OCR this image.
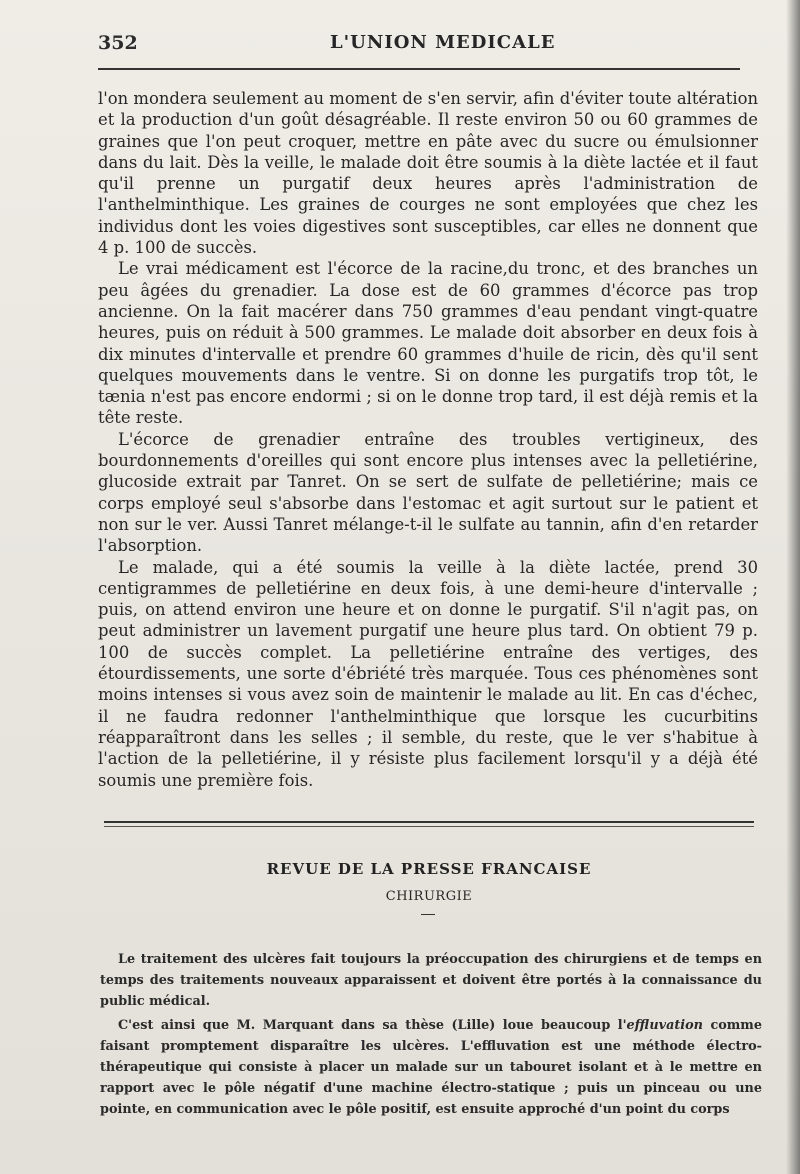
352	L'UNION MEDICALE

l'on mondera seulement au moment de s'en servir, afin d'éviter toute altération et la production d'un goût désagréable. Il reste environ 50 ou 60 grammes de graines que l'on peut croquer, mettre en pâte avec du sucre ou émulsionner dans du lait. Dès la veille, le malade doit être soumis à la diète lactée et il faut qu'il prenne un purgatif deux heures après l'administration de l'anthelminthique. Les graines de courges ne sont employées que chez les individus dont les voies digestives sont susceptibles, car elles ne donnent que 4 p. 100 de succès.

Le vrai médicament est l'écorce de la racine,du tronc, et des branches un peu âgées du grenadier. La dose est de 60 grammes d'écorce pas trop ancienne. On la fait macérer dans 750 grammes d'eau pendant vingt-quatre heures, puis on réduit à 500 grammes. Le malade doit absorber en deux fois à dix minutes d'intervalle et prendre 60 grammes d'huile de ricin, dès qu'il sent quelques mouvements dans le ventre. Si on donne les purgatifs trop tôt, le tænia n'est pas encore endormi ; si on le donne trop tard, il est déjà remis et la tête reste.

L'écorce de grenadier entraîne des troubles vertigineux, des bourdonnements d'oreilles qui sont encore plus intenses avec la pelletiérine, glucoside extrait par Tanret. On se sert de sulfate de pelletiérine; mais ce corps employé seul s'absorbe dans l'estomac et agit surtout sur le patient et non sur le ver. Aussi Tanret mélange-t-il le sulfate au tannin, afin d'en retarder l'absorption.

Le malade, qui a été soumis la veille à la diète lactée, prend 30 centigrammes de pelletiérine en deux fois, à une demi-heure d'intervalle ; puis, on attend environ une heure et on donne le purgatif. S'il n'agit pas, on peut administrer un lavement purgatif une heure plus tard. On obtient 79 p. 100 de succès complet. La pelletiérine entraîne des vertiges, des étourdissements, une sorte d'ébriété très marquée. Tous ces phénomènes sont moins intenses si vous avez soin de maintenir le malade au lit. En cas d'échec, il ne faudra redonner l'anthelminthique que lorsque les cucurbitins réapparaîtront dans les selles ; il semble, du reste, que le ver s'habitue à l'action de la pelletiérine, il y résiste plus facilement lorsqu'il y a déjà été soumis une première fois.

REVUE DE LA PRESSE FRANCAISE
CHIRURGIE

Le traitement des ulcères fait toujours la préoccupation des chirurgiens et de temps en temps des traitements nouveaux apparaissent et doivent être portés à la connaissance du public médical.

C'est ainsi que M. Marquant dans sa thèse (Lille) loue beaucoup l'effluvation comme faisant promptement disparaître les ulcères. L'effluvation est une méthode électro-thérapeutique qui consiste à placer un malade sur un tabouret isolant et à le mettre en rapport avec le pôle négatif d'une machine électro-statique ; puis un pinceau ou une pointe, en communication avec le pôle positif, est ensuite approché d'un point du corps
